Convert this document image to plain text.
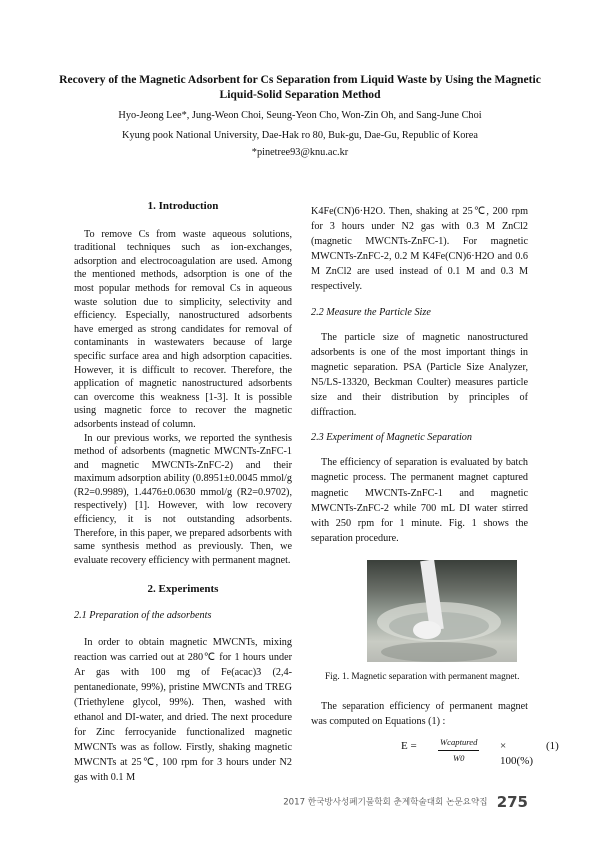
Recovery of the Magnetic Adsorbent for Cs Separation from Liquid Waste by Using the Magnetic Liquid-Solid Separation Method
Hyo-Jeong Lee*, Jung-Weon Choi, Seung-Yeon Cho, Won-Zin Oh, and Sang-June Choi
Kyung pook National University, Dae-Hak ro 80, Buk-gu, Dae-Gu, Republic of Korea
*pinetree93@knu.ac.kr
1. Introduction

To remove Cs from waste aqueous solutions, traditional techniques such as ion-exchanges, adsorption and electrocoagulation are used. Among the mentioned methods, adsorption is one of the most popular methods for removal Cs in aqueous waste solution due to simplicity, selectivity and efficiency. Especially, nanostructured adsorbents have emerged as strong candidates for removal of contaminants in wastewaters because of large specific surface area and high adsorption capacities. However, it is difficult to recover. Therefore, the application of magnetic nanostructured adsorbents can overcome this weakness [1-3]. It is possible using magnetic force to recover the magnetic adsorbents instead of column.

In our previous works, we reported the synthesis method of adsorbents (magnetic MWCNTs-ZnFC-1 and magnetic MWCNTs-ZnFC-2) and their maximum adsorption ability (0.8951±0.0045 mmol/g (R2=0.9989), 1.4476±0.0630 mmol/g (R2=0.9702), respectively) [1]. However, with low recovery efficiency, it is not outstanding adsorbents. Therefore, in this paper, we prepared adsorbents with same synthesis method as previously. Then, we evaluate recovery efficiency with permanent magnet.

2. Experiments

2.1 Preparation of the adsorbents

In order to obtain magnetic MWCNTs, mixing reaction was carried out at 280℃ for 1 hours under Ar gas with 100 mg of Fe(acac)3 (2,4-pentanedionate, 99%), pristine MWCNTs and TREG (Triethylene glycol, 99%). Then, washed with ethanol and DI-water, and dried. The next procedure for Zinc ferrocyanide functionalized magnetic MWCNTs was as follow. Firstly, shaking magnetic MWCNTs at 25℃, 100 rpm for 3 hours under N2 gas with 0.1 M

K4Fe(CN)6·H2O. Then, shaking at 25℃, 200 rpm for 3 hours under N2 gas with 0.3 M ZnCl2 (magnetic MWCNTs-ZnFC-1). For magnetic MWCNTs-ZnFC-2, 0.2 M K4Fe(CN)6·H2O and 0.6 M ZnCl2 are used instead of 0.1 M and 0.3 M respectively.

2.2 Measure the Particle Size

The particle size of magnetic nanostructured adsorbents is one of the most important things in magnetic separation. PSA (Particle Size Analyzer, N5/LS-13320, Beckman Coulter) measures particle size and their distribution by principles of diffraction.

2.3 Experiment of Magnetic Separation

The efficiency of separation is evaluated by batch magnetic process. The permanent magnet captured magnetic MWCNTs-ZnFC-1 and magnetic MWCNTs-ZnFC-2 while 700 mL DI water stirred with 250 rpm for 1 minute. Fig. 1 shows the separation procedure.

Fig. 1. Magnetic separation with permanent magnet.

The separation efficiency of permanent magnet was computed on Equations (1) :

E =	Wcaptured
W0
× 100(%)
(1)
2017 한국방사성폐기물학회 춘계학술대회 논문요약집 275
